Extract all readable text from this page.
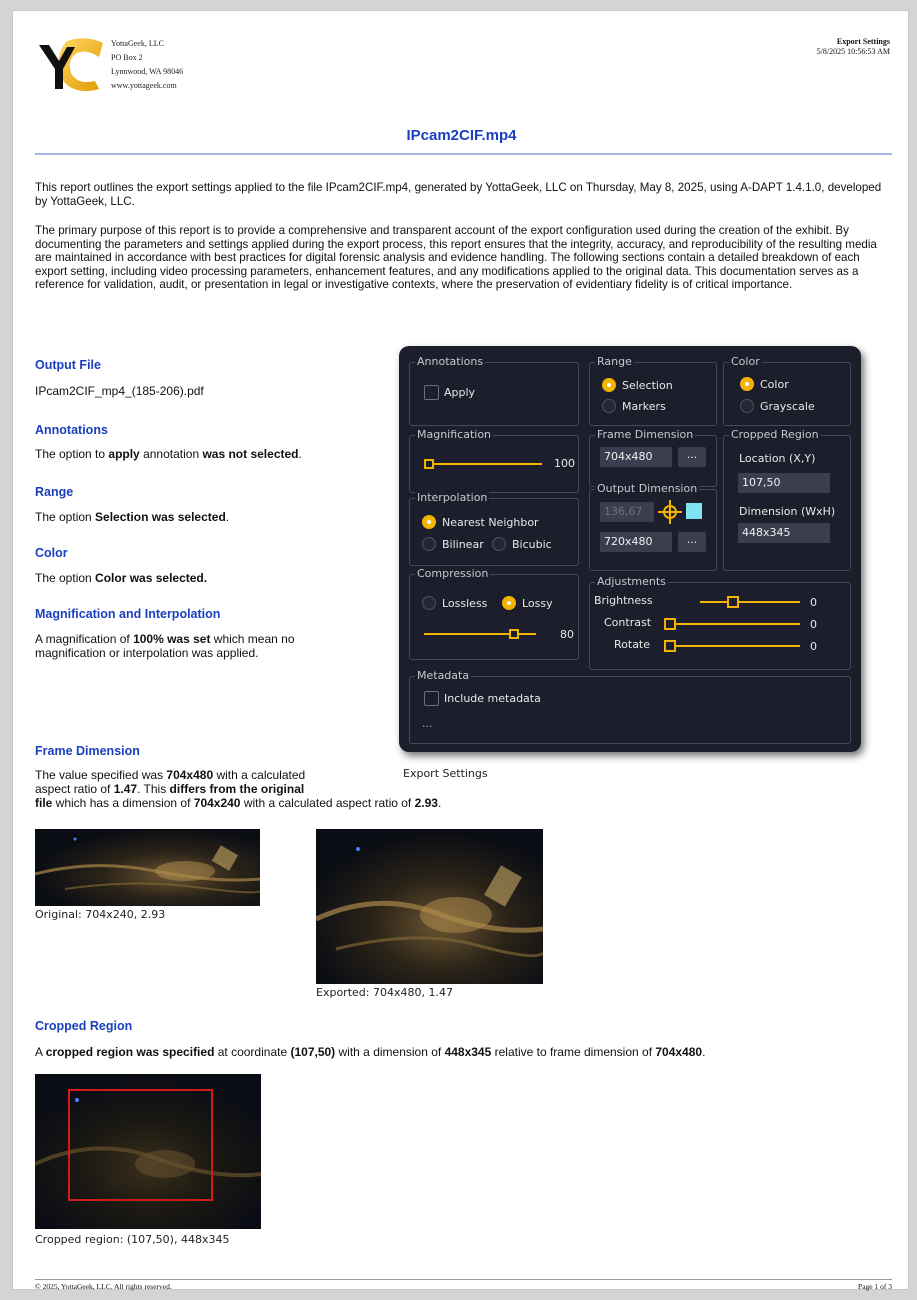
YottaGeek, LLC
PO Box 2
Lynnwood, WA 98046
www.yottageek.com
Export Settings
5/8/2025 10:56:53 AM
IPcam2CIF.mp4
This report outlines the export settings applied to the file IPcam2CIF.mp4, generated by YottaGeek, LLC on Thursday, May 8, 2025, using A-DAPT 1.4.1.0, developed by YottaGeek, LLC.
The primary purpose of this report is to provide a comprehensive and transparent account of the export configuration used during the creation of the exhibit. By documenting the parameters and settings applied during the export process, this report ensures that the integrity, accuracy, and reproducibility of the resulting media are maintained in accordance with best practices for digital forensic analysis and evidence handling. The following sections contain a detailed breakdown of each export setting, including video processing parameters, enhancement features, and any modifications applied to the original data. This documentation serves as a reference for validation, audit, or presentation in legal or investigative contexts, where the preservation of evidentiary fidelity is of critical importance.
Output File
IPcam2CIF_mp4_(185-206).pdf
Annotations
The option to apply annotation was not selected.
Range
The option Selection was selected.
Color
The option Color was selected.
Magnification and Interpolation
A magnification of 100% was set which mean no
magnification or interpolation was applied.
Annotations
Apply
Range
Selection
Markers
Color
Color
Grayscale
Magnification
100
Frame Dimension
704x480	...
Cropped Region
Location (X,Y)
107,50
Dimension (WxH)
448x345
Interpolation
Nearest Neighbor
Bilinear	Bicubic
Output Dimension
136,67
720x480	...
Compression
Lossless	Lossy
80
Adjustments
Brightness	0
Contrast	0
Rotate	0
Metadata
Include metadata
...
Export Settings
Frame Dimension
The value specified was 704x480 with a calculated
aspect ratio of 1.47. This differs from the original
file which has a dimension of 704x240 with a calculated aspect ratio of 2.93.
Original: 704x240, 2.93
Exported: 704x480, 1.47
Cropped Region
A cropped region was specified at coordinate (107,50) with a dimension of 448x345 relative to frame dimension of 704x480.
Cropped region: (107,50), 448x345
© 2025, YottaGeek, LLC. All rights reserved.	Page 1 of 3
